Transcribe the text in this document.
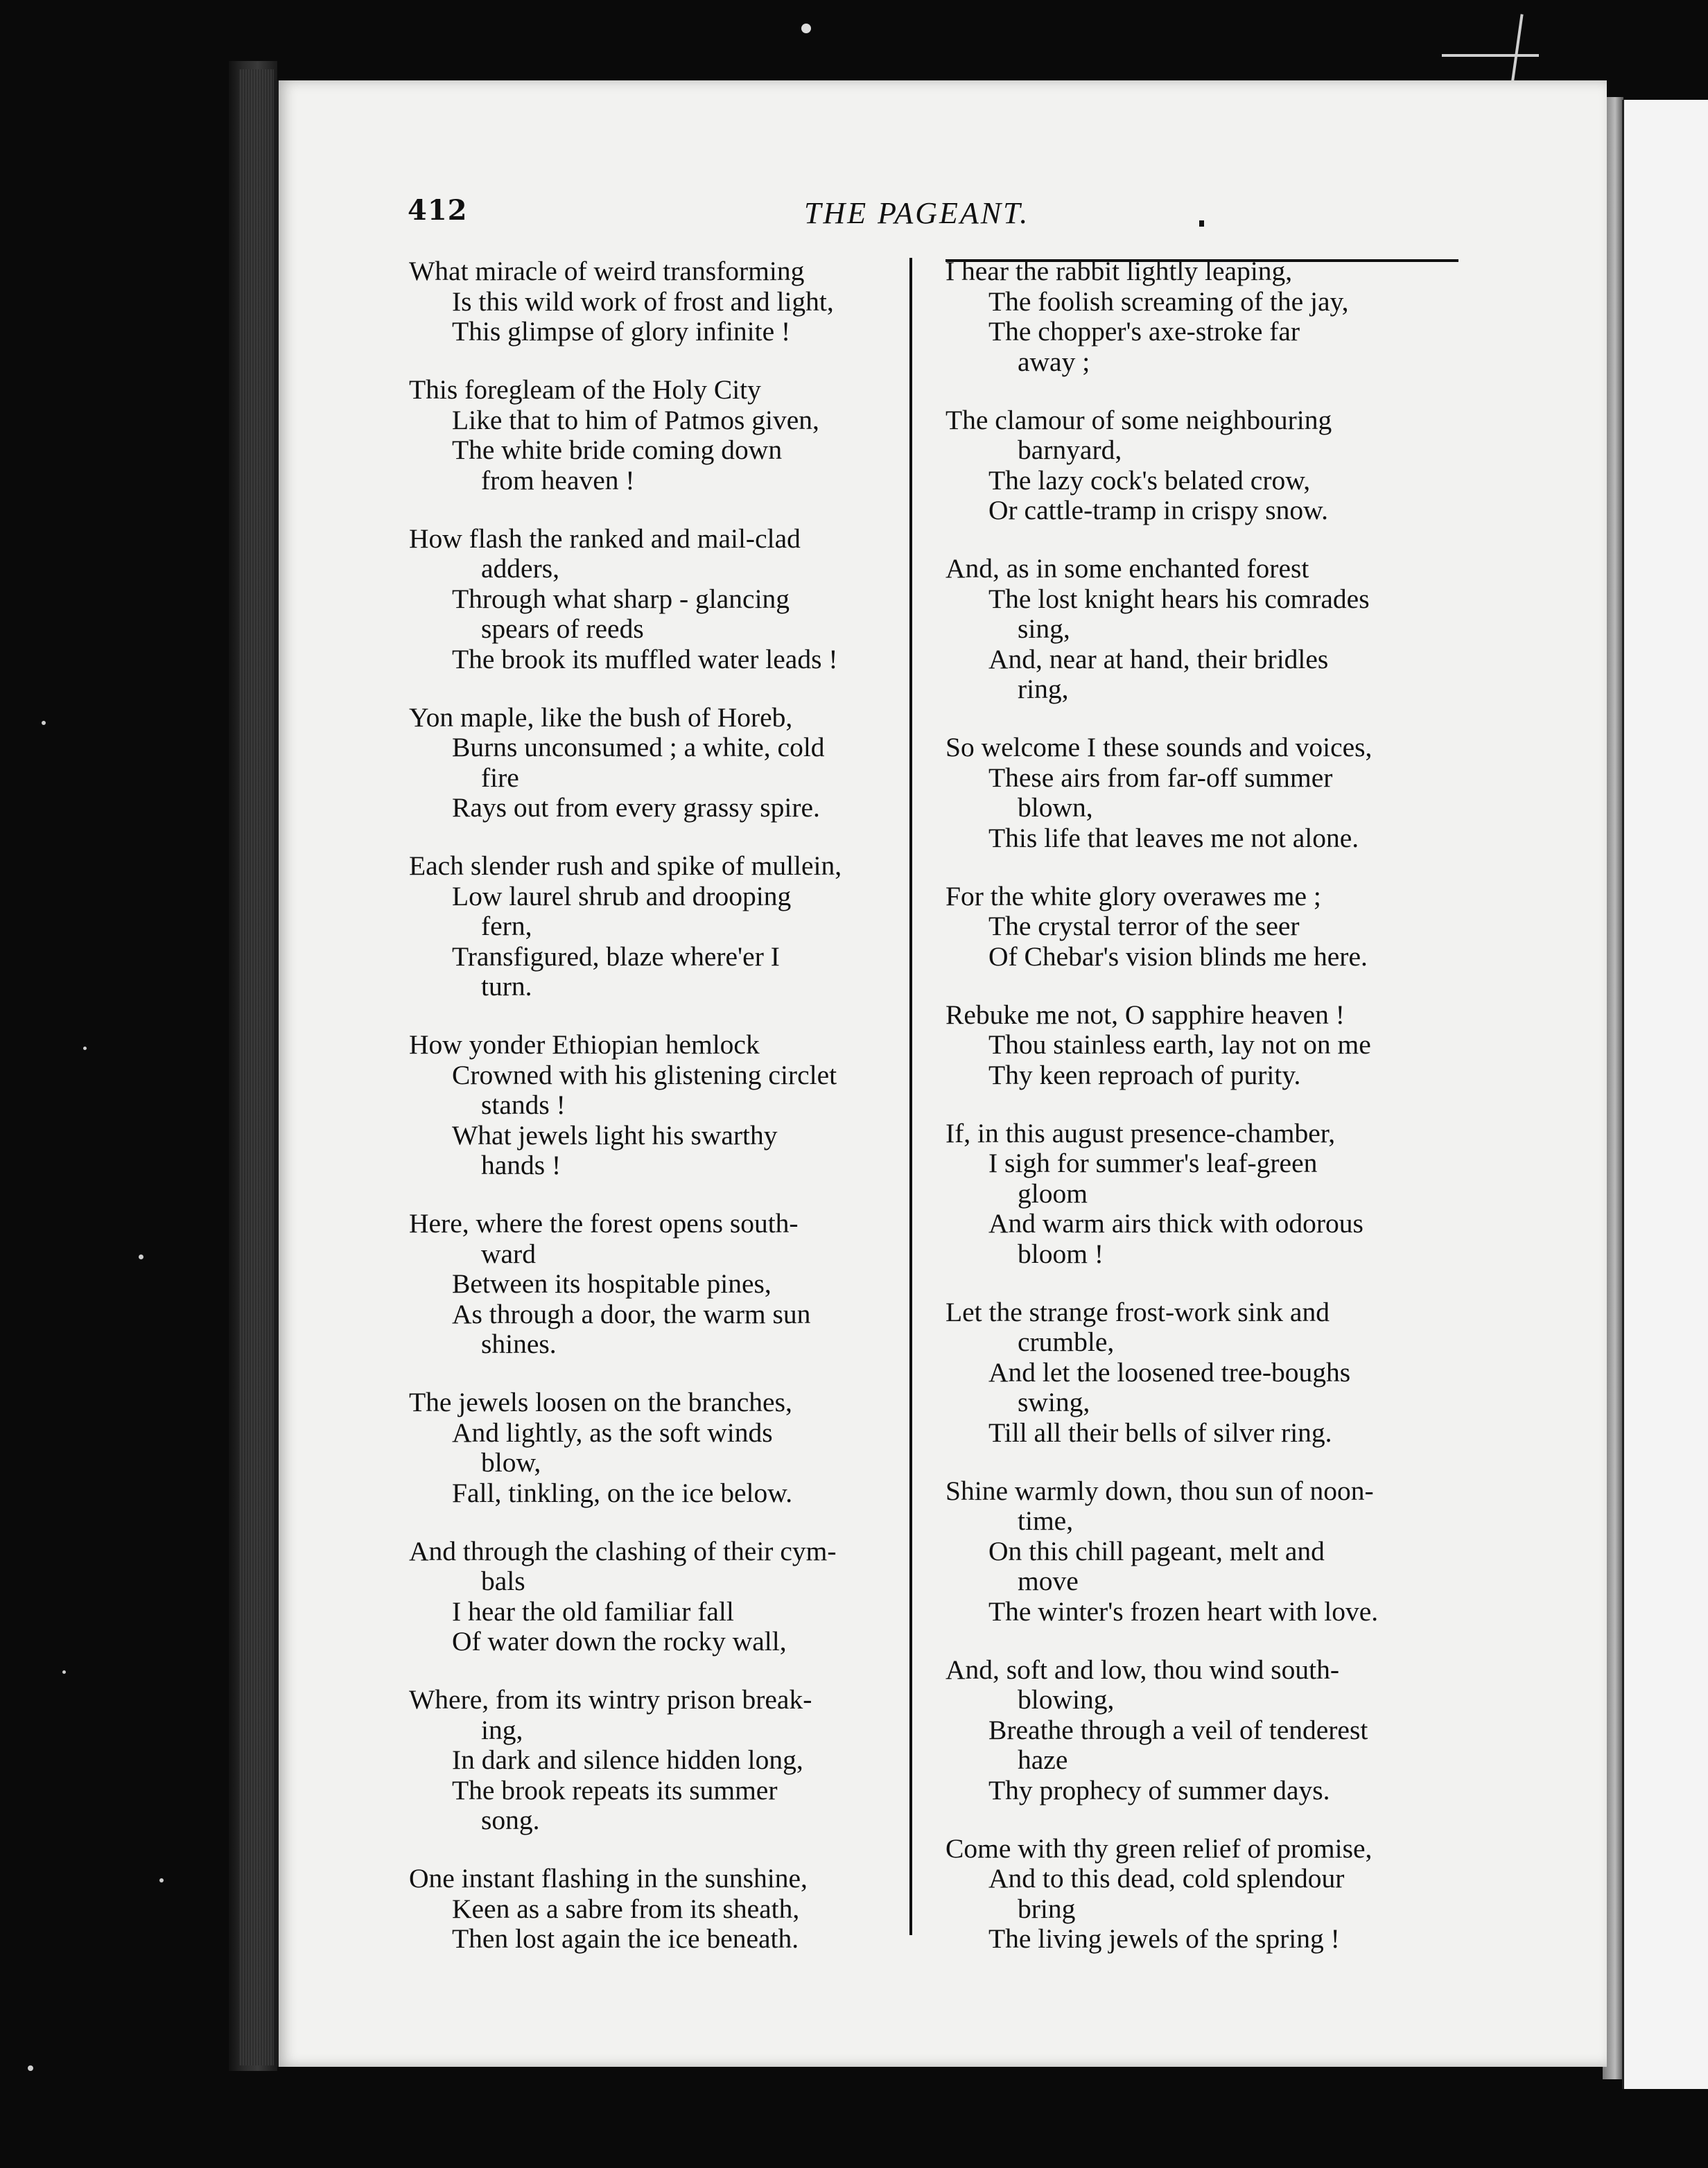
412	THE PAGEANT.
What miracle of weird transforming
Is this wild work of frost and light,
This glimpse of glory infinite !
This foregleam of the Holy City
Like that to him of Patmos given,
The white bride coming down
from heaven !
How flash the ranked and mail-clad
adders,
Through what sharp - glancing
spears of reeds
The brook its muffled water leads !
Yon maple, like the bush of Horeb,
Burns unconsumed ; a white, cold
fire
Rays out from every grassy spire.
Each slender rush and spike of mullein,
Low laurel shrub and drooping
fern,
Transfigured, blaze where'er I
turn.
How yonder Ethiopian hemlock
Crowned with his glistening circlet
stands !
What jewels light his swarthy
hands !
Here, where the forest opens south-
ward
Between its hospitable pines,
As through a door, the warm sun
shines.
The jewels loosen on the branches,
And lightly, as the soft winds
blow,
Fall, tinkling, on the ice below.
And through the clashing of their cym-
bals
I hear the old familiar fall
Of water down the rocky wall,
Where, from its wintry prison break-
ing,
In dark and silence hidden long,
The brook repeats its summer
song.
One instant flashing in the sunshine,
Keen as a sabre from its sheath,
Then lost again the ice beneath.
I hear the rabbit lightly leaping,
The foolish screaming of the jay,
The chopper's axe-stroke far
away ;
The clamour of some neighbouring
barnyard,
The lazy cock's belated crow,
Or cattle-tramp in crispy snow.
And, as in some enchanted forest
The lost knight hears his comrades
sing,
And, near at hand, their bridles
ring,
So welcome I these sounds and voices,
These airs from far-off summer
blown,
This life that leaves me not alone.
For the white glory overawes me ;
The crystal terror of the seer
Of Chebar's vision blinds me here.
Rebuke me not, O sapphire heaven !
Thou stainless earth, lay not on me
Thy keen reproach of purity.
If, in this august presence-chamber,
I sigh for summer's leaf-green
gloom
And warm airs thick with odorous
bloom !
Let the strange frost-work sink and
crumble,
And let the loosened tree-boughs
swing,
Till all their bells of silver ring.
Shine warmly down, thou sun of noon-
time,
On this chill pageant, melt and
move
The winter's frozen heart with love.
And, soft and low, thou wind south-
blowing,
Breathe through a veil of tenderest
haze
Thy prophecy of summer days.
Come with thy green relief of promise,
And to this dead, cold splendour
bring
The living jewels of the spring !
